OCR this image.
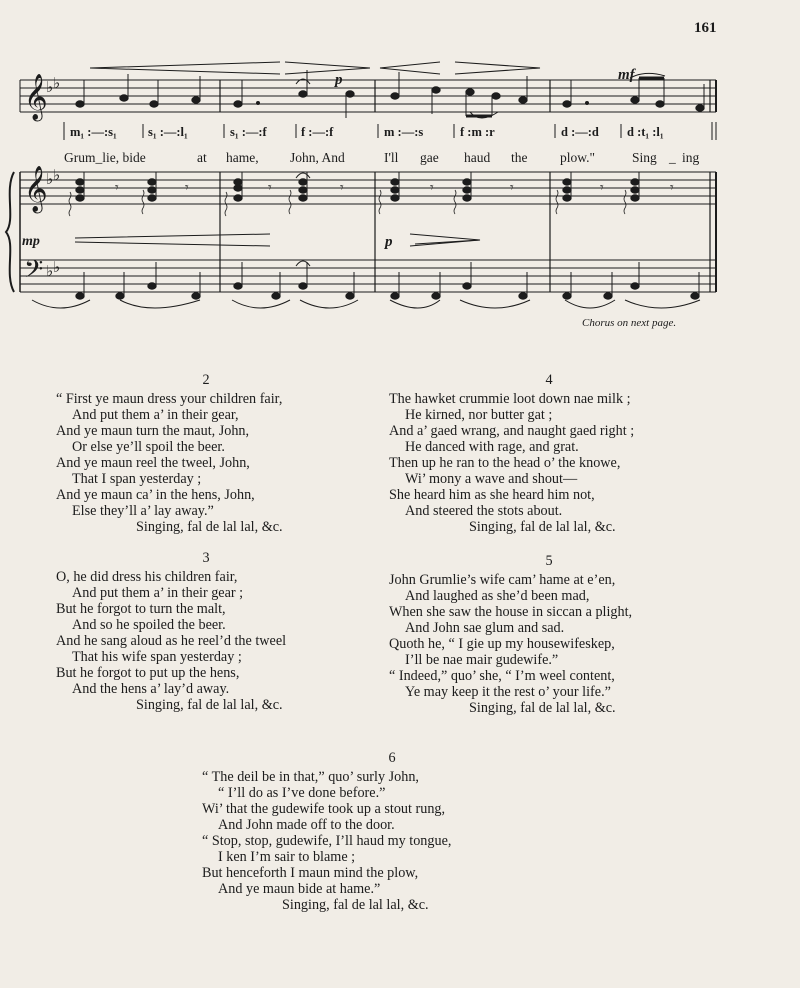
161
𝄞
𝄞
𝄢
♭ ♭
♭ ♭
♭ ♭
𝄾	𝄾	𝄾	𝄾	𝄾	𝄾	𝄾	𝄾
p	mf
mp	p
m₁ :—:s₁	s₁ :—:l₁	s₁ :—:f	f :—:f	m :—:s	f :m :r	d :—:d d :t₁ :l₁
Grum_lie, bide	at hame, John, And	I'll gae haud the plow."	Sing _ ing
Chorus on next page.
2
“ First ye maun dress your children fair,
And put them a’ in their gear,
And ye maun turn the maut, John,
Or else ye’ll spoil the beer.
And ye maun reel the tweel, John,
That I span yesterday ;
And ye maun ca’ in the hens, John,
Else they’ll a’ lay away.”
Singing, fal de lal lal, &c.
4
The hawket crummie loot down nae milk ;
He kirned, nor butter gat ;
And a’ gaed wrang, and naught gaed right ;
He danced with rage, and grat.
Then up he ran to the head o’ the knowe,
Wi’ mony a wave and shout—
She heard him as she heard him not,
And steered the stots about.
Singing, fal de lal lal, &c.
3
O, he did dress his children fair,
And put them a’ in their gear ;
But he forgot to turn the malt,
And so he spoiled the beer.
And he sang aloud as he reel’d the tweel
That his wife span yesterday ;
But he forgot to put up the hens,
And the hens a’ lay’d away.
Singing, fal de lal lal, &c.
5
John Grumlie’s wife cam’ hame at e’en,
And laughed as she’d been mad,
When she saw the house in siccan a plight,
And John sae glum and sad.
Quoth he, “ I gie up my housewifeskep,
I’ll be nae mair gudewife.”
“ Indeed,” quo’ she, “ I’m weel content,
Ye may keep it the rest o’ your life.”
Singing, fal de lal lal, &c.
6
“ The deil be in that,” quo’ surly John,
“ I’ll do as I’ve done before.”
Wi’ that the gudewife took up a stout rung,
And John made off to the door.
“ Stop, stop, gudewife, I’ll haud my tongue,
I ken I’m sair to blame ;
But henceforth I maun mind the plow,
And ye maun bide at hame.”
Singing, fal de lal lal, &c.
